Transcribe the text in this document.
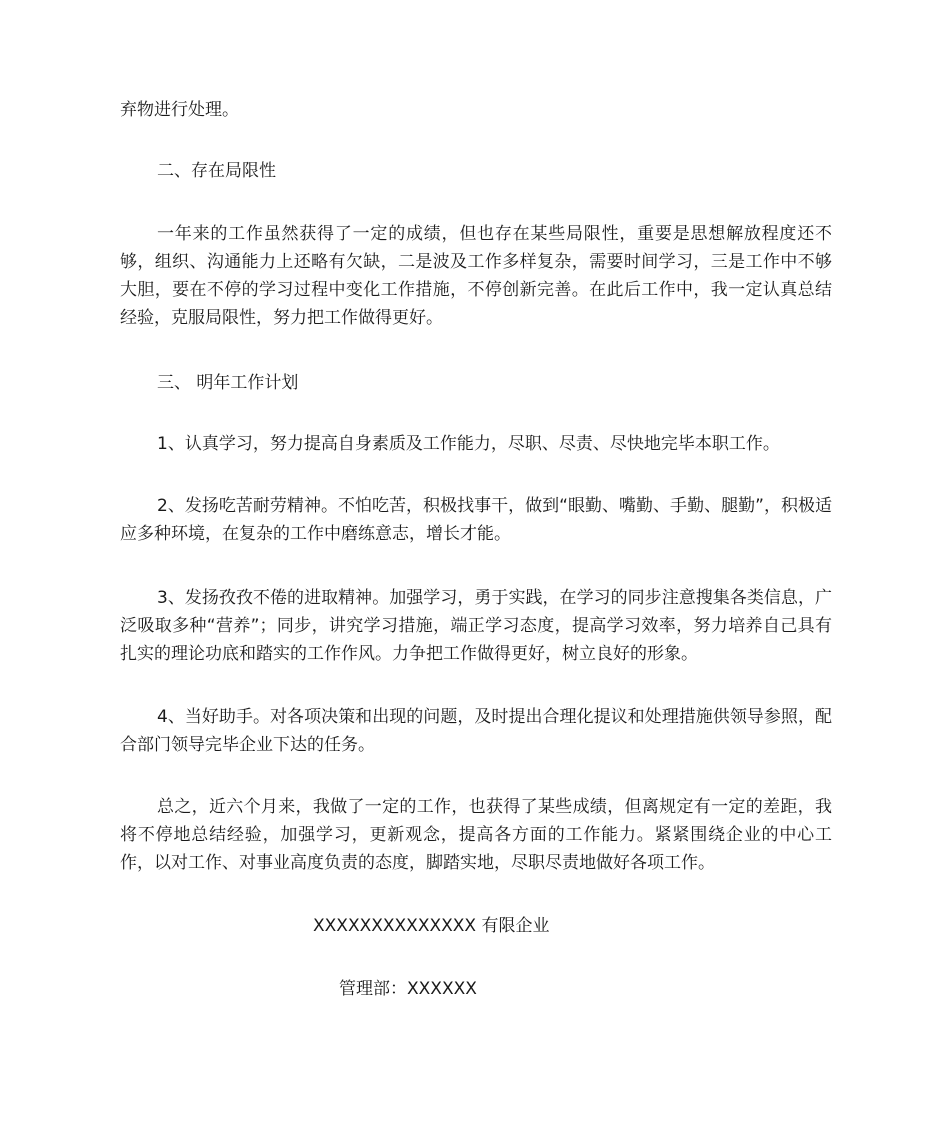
弃物进行处理。

二、存在局限性

一年来的工作虽然获得了一定的成绩，但也存在某些局限性，重要是思想解放程度还不够，组织、沟通能力上还略有欠缺，二是波及工作多样复杂，需要时间学习，三是工作中不够大胆，要在不停的学习过程中变化工作措施，不停创新完善。在此后工作中，我一定认真总结经验，克服局限性，努力把工作做得更好。

三、 明年工作计划

1、认真学习，努力提高自身素质及工作能力，尽职、尽责、尽快地完毕本职工作。

2、发扬吃苦耐劳精神。不怕吃苦，积极找事干，做到“眼勤、嘴勤、手勤、腿勤”，积极适应多种环境，在复杂的工作中磨练意志，增长才能。

3、发扬孜孜不倦的进取精神。加强学习，勇于实践，在学习的同步注意搜集各类信息，广泛吸取多种“营养”；同步，讲究学习措施，端正学习态度，提高学习效率，努力培养自己具有扎实的理论功底和踏实的工作作风。力争把工作做得更好，树立良好的形象。

4、当好助手。对各项决策和出现的问题，及时提出合理化提议和处理措施供领导参照，配合部门领导完毕企业下达的任务。

总之，近六个月来，我做了一定的工作，也获得了某些成绩，但离规定有一定的差距，我将不停地总结经验，加强学习，更新观念，提高各方面的工作能力。紧紧围绕企业的中心工作，以对工作、对事业高度负责的态度，脚踏实地，尽职尽责地做好各项工作。

XXXXXXXXXXXXXX 有限企业

管理部：XXXXXX
